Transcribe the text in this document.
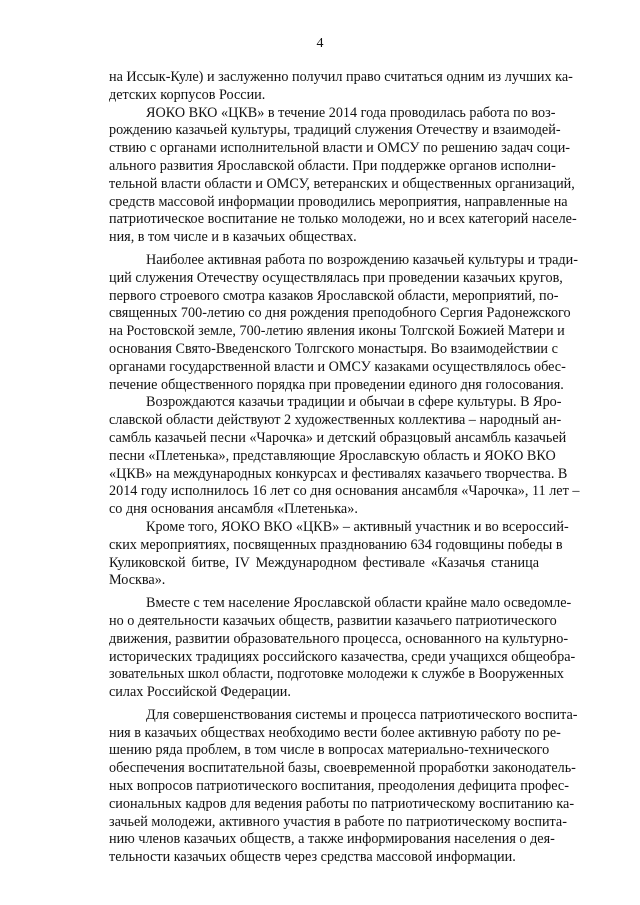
4
на Иссык-Куле) и заслуженно получил право считаться одним из лучших ка-
детских корпусов России.
ЯОКО ВКО «ЦКВ» в течение 2014 года проводилась работа по воз-
рождению казачьей культуры, традиций служения Отечеству и взаимодей-
ствию с органами исполнительной власти и ОМСУ по решению задач соци-
ального развития Ярославской области. При поддержке органов исполни-
тельной власти области и ОМСУ, ветеранских и общественных организаций,
средств массовой информации проводились мероприятия, направленные на
патриотическое воспитание не только молодежи, но и всех категорий населе-
ния, в том числе и в казачьих обществах.
Наиболее активная работа по возрождению казачьей культуры и тради-
ций служения Отечеству осуществлялась при проведении казачьих кругов,
первого строевого смотра казаков Ярославской области, мероприятий, по-
священных 700-летию со дня рождения преподобного Сергия Радонежского
на Ростовской земле, 700-летию явления иконы Толгской Божией Матери и
основания Свято-Введенского Толгского монастыря. Во взаимодействии с
органами государственной власти и ОМСУ казаками осуществлялось обес-
печение общественного порядка при проведении единого дня голосования.
Возрождаются казачьи традиции и обычаи в сфере культуры. В Яро-
славской области действуют 2 художественных коллектива – народный ан-
самбль казачьей песни «Чарочка» и детский образцовый ансамбль казачьей
песни «Плетенька», представляющие Ярославскую область и ЯОКО ВКО
«ЦКВ» на международных конкурсах и фестивалях казачьего творчества. В
2014 году исполнилось 16 лет со дня основания ансамбля «Чарочка», 11 лет –
со дня основания ансамбля «Плетенька».
Кроме того, ЯОКО ВКО «ЦКВ» – активный участник и во всероссий-
ских мероприятиях, посвященных празднованию 634 годовщины победы в
Куликовской битве, IV Международном фестивале «Казачья станица
Москва».
Вместе с тем население Ярославской области крайне мало осведомле-
но о деятельности казачьих обществ, развитии казачьего патриотического
движения, развитии образовательного процесса, основанного на культурно-
исторических традициях российского казачества, среди учащихся общеобра-
зовательных школ области, подготовке молодежи к службе в Вооруженных
силах Российской Федерации.
Для совершенствования системы и процесса патриотического воспита-
ния в казачьих обществах необходимо вести более активную работу по ре-
шению ряда проблем, в том числе в вопросах материально-технического
обеспечения воспитательной базы, своевременной проработки законодатель-
ных вопросов патриотического воспитания, преодоления дефицита профес-
сиональных кадров для ведения работы по патриотическому воспитанию ка-
зачьей молодежи, активного участия в работе по патриотическому воспита-
нию членов казачьих обществ, а также информирования населения о дея-
тельности казачьих обществ через средства массовой информации.
